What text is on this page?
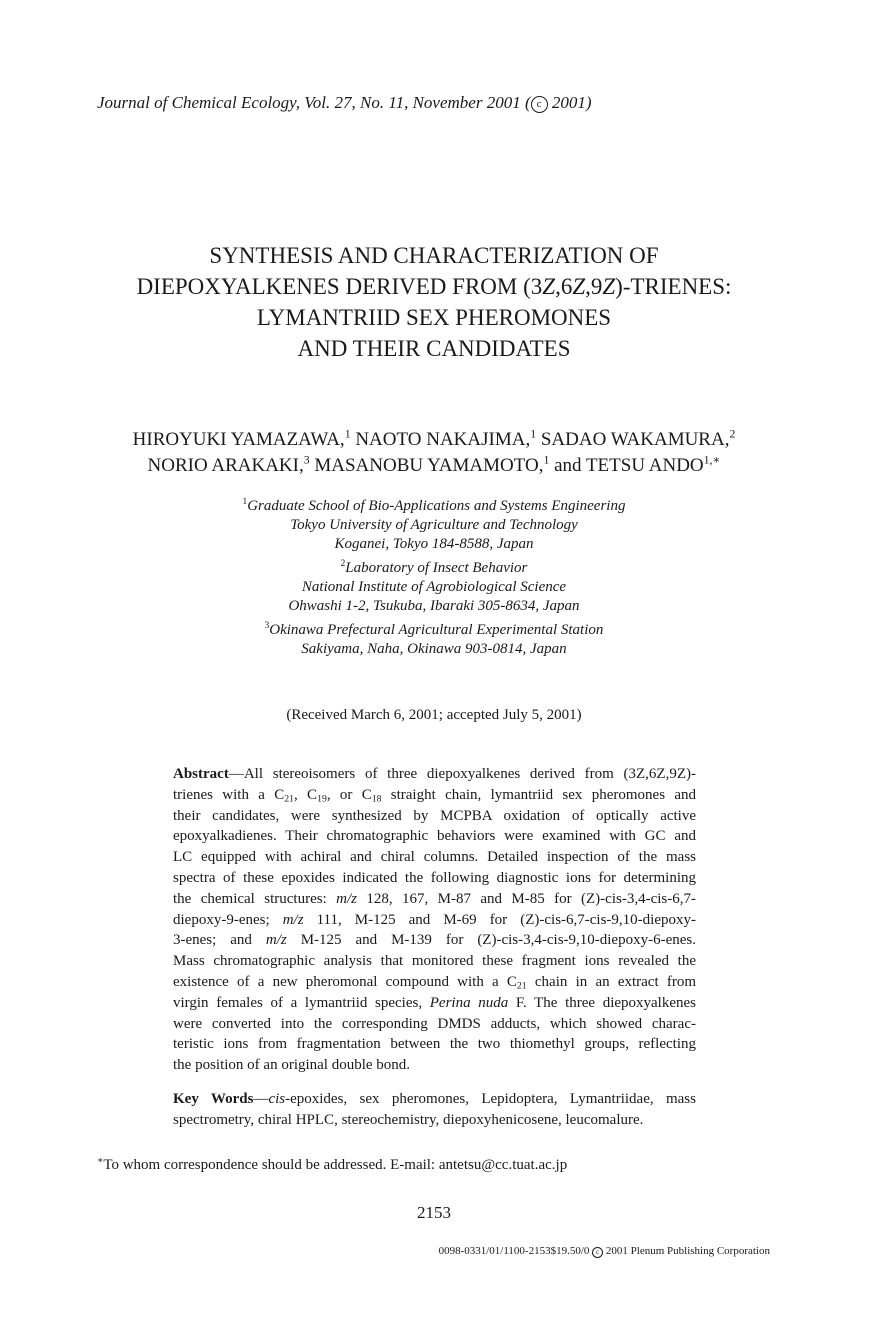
Journal of Chemical Ecology, Vol. 27, No. 11, November 2001 ( c 2001)
SYNTHESIS AND CHARACTERIZATION OF
DIEPOXYALKENES DERIVED FROM (3Z,6Z,9Z)-TRIENES:
LYMANTRIID SEX PHEROMONES
AND THEIR CANDIDATES
HIROYUKI YAMAZAWA,$^1$ NAOTO NAKAJIMA,$^1$ SADAO WAKAMURA,$^2$
NORIO ARAKAKI,$^3$ MASANOBU YAMAMOTO,$^1$ and TETSU $ANDO^{1,∗}$
$^1$Graduate School of Bio-Applications and Systems Engineering
Tokyo University of Agriculture and Technology
Koganei, Tokyo 184-8588, Japan
$^2$Laboratory of Insect Behavior
National Institute of Agrobiological Science
Ohwashi 1-2, Tsukuba, Ibaraki 305-8634, Japan
$^3$Okinawa Prefectural Agricultural Experimental Station
Sakiyama, Naha, Okinawa 903-0814, Japan
(Received March 6, 2001; accepted July 5, 2001)
Abstract—All stereoisomers of three diepoxyalkenes derived from (3Z,6Z,9Z)-
trienes with a $C_{21}$, $C_{19}$, or $C_{18}$ straight chain, lymantriid sex pheromones and
their candidates, were synthesized by MCPBA oxidation of optically active
epoxyalkadienes. Their chromatographic behaviors were examined with GC and
LC equipped with achiral and chiral columns. Detailed inspection of the mass
spectra of these epoxides indicated the following diagnostic ions for determining
the chemical structures: m/z 128, 167, M-87 and M-85 for (Z)-cis-3,4-cis-6,7-
diepoxy-9-enes; m/z 111, M-125 and M-69 for (Z)-cis-6,7-cis-9,10-diepoxy-
3-enes; and m/z M-125 and M-139 for (Z)-cis-3,4-cis-9,10-diepoxy-6-enes.
Mass chromatographic analysis that monitored these fragment ions revealed the
existence of a new pheromonal compound with a $C_{21}$ chain in an extract from
virgin females of a lymantriid species, Perina nuda F. The three diepoxyalkenes
were converted into the corresponding DMDS adducts, which showed charac-
teristic ions from fragmentation between the two thiomethyl groups, reflecting
the position of an original double bond.
Key Words—cis-epoxides, sex pheromones, Lepidoptera, Lymantriidae, mass
spectrometry, chiral HPLC, stereochemistry, diepoxyhenicosene, leucomalure.
∗To whom correspondence should be addressed. E-mail: antetsu@cc.tuat.ac.jp
2153
0098-0331/01/1100-2153$19.50/0 c 2001 Plenum Publishing Corporation
